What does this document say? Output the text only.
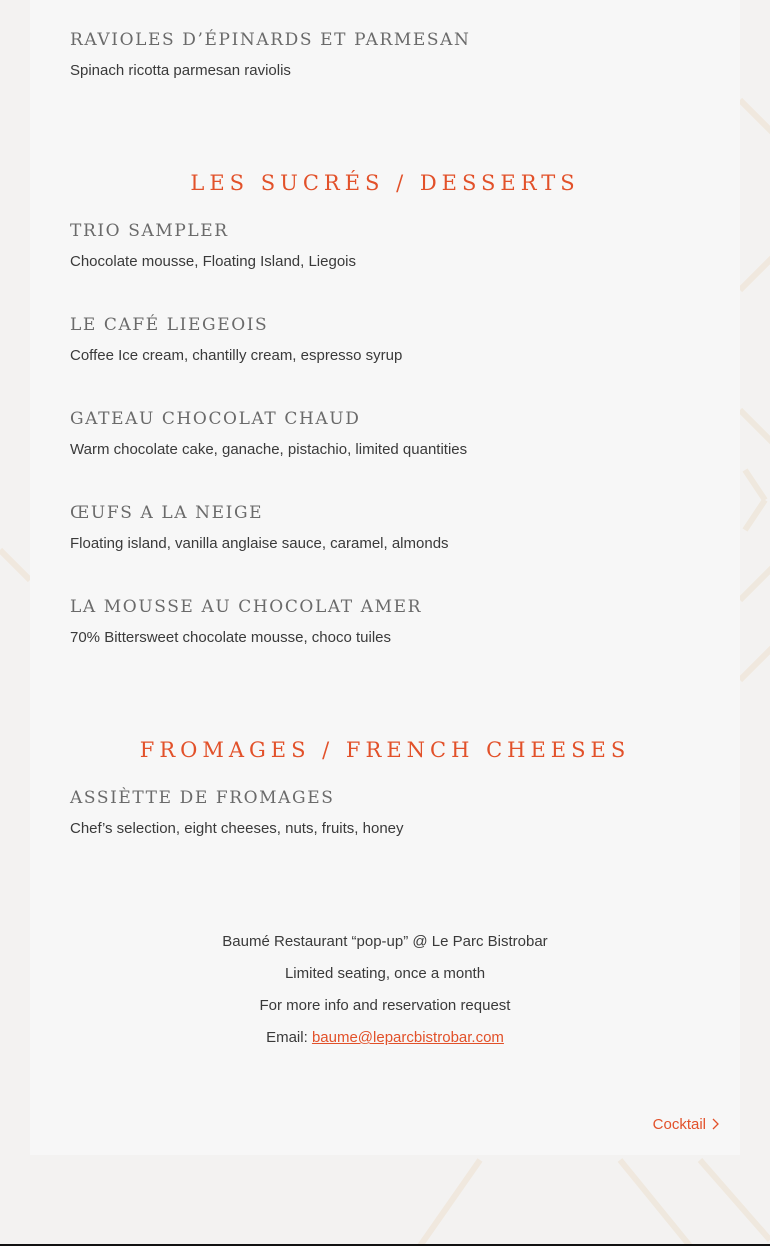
RAVIOLES D’ÉPINARDS ET PARMESAN
Spinach ricotta parmesan raviolis
LES SUCRÉS / DESSERTS
TRIO SAMPLER
Chocolate mousse, Floating Island, Liegois
LE CAFÉ LIEGEOIS
Coffee Ice cream, chantilly cream, espresso syrup
GATEAU CHOCOLAT CHAUD
Warm chocolate cake, ganache, pistachio, limited quantities
ŒUFS A LA NEIGE
Floating island, vanilla anglaise sauce, caramel, almonds
LA MOUSSE AU CHOCOLAT AMER
70% Bittersweet chocolate mousse, choco tuiles
FROMAGES / FRENCH CHEESES
ASSIÈTTE DE FROMAGES
Chef’s selection, eight cheeses, nuts, fruits, honey
Baumé Restaurant “pop-up” @ Le Parc Bistrobar
Limited seating, once a month
For more info and reservation request
Email: baume@leparcbistrobar.com
Cocktail
